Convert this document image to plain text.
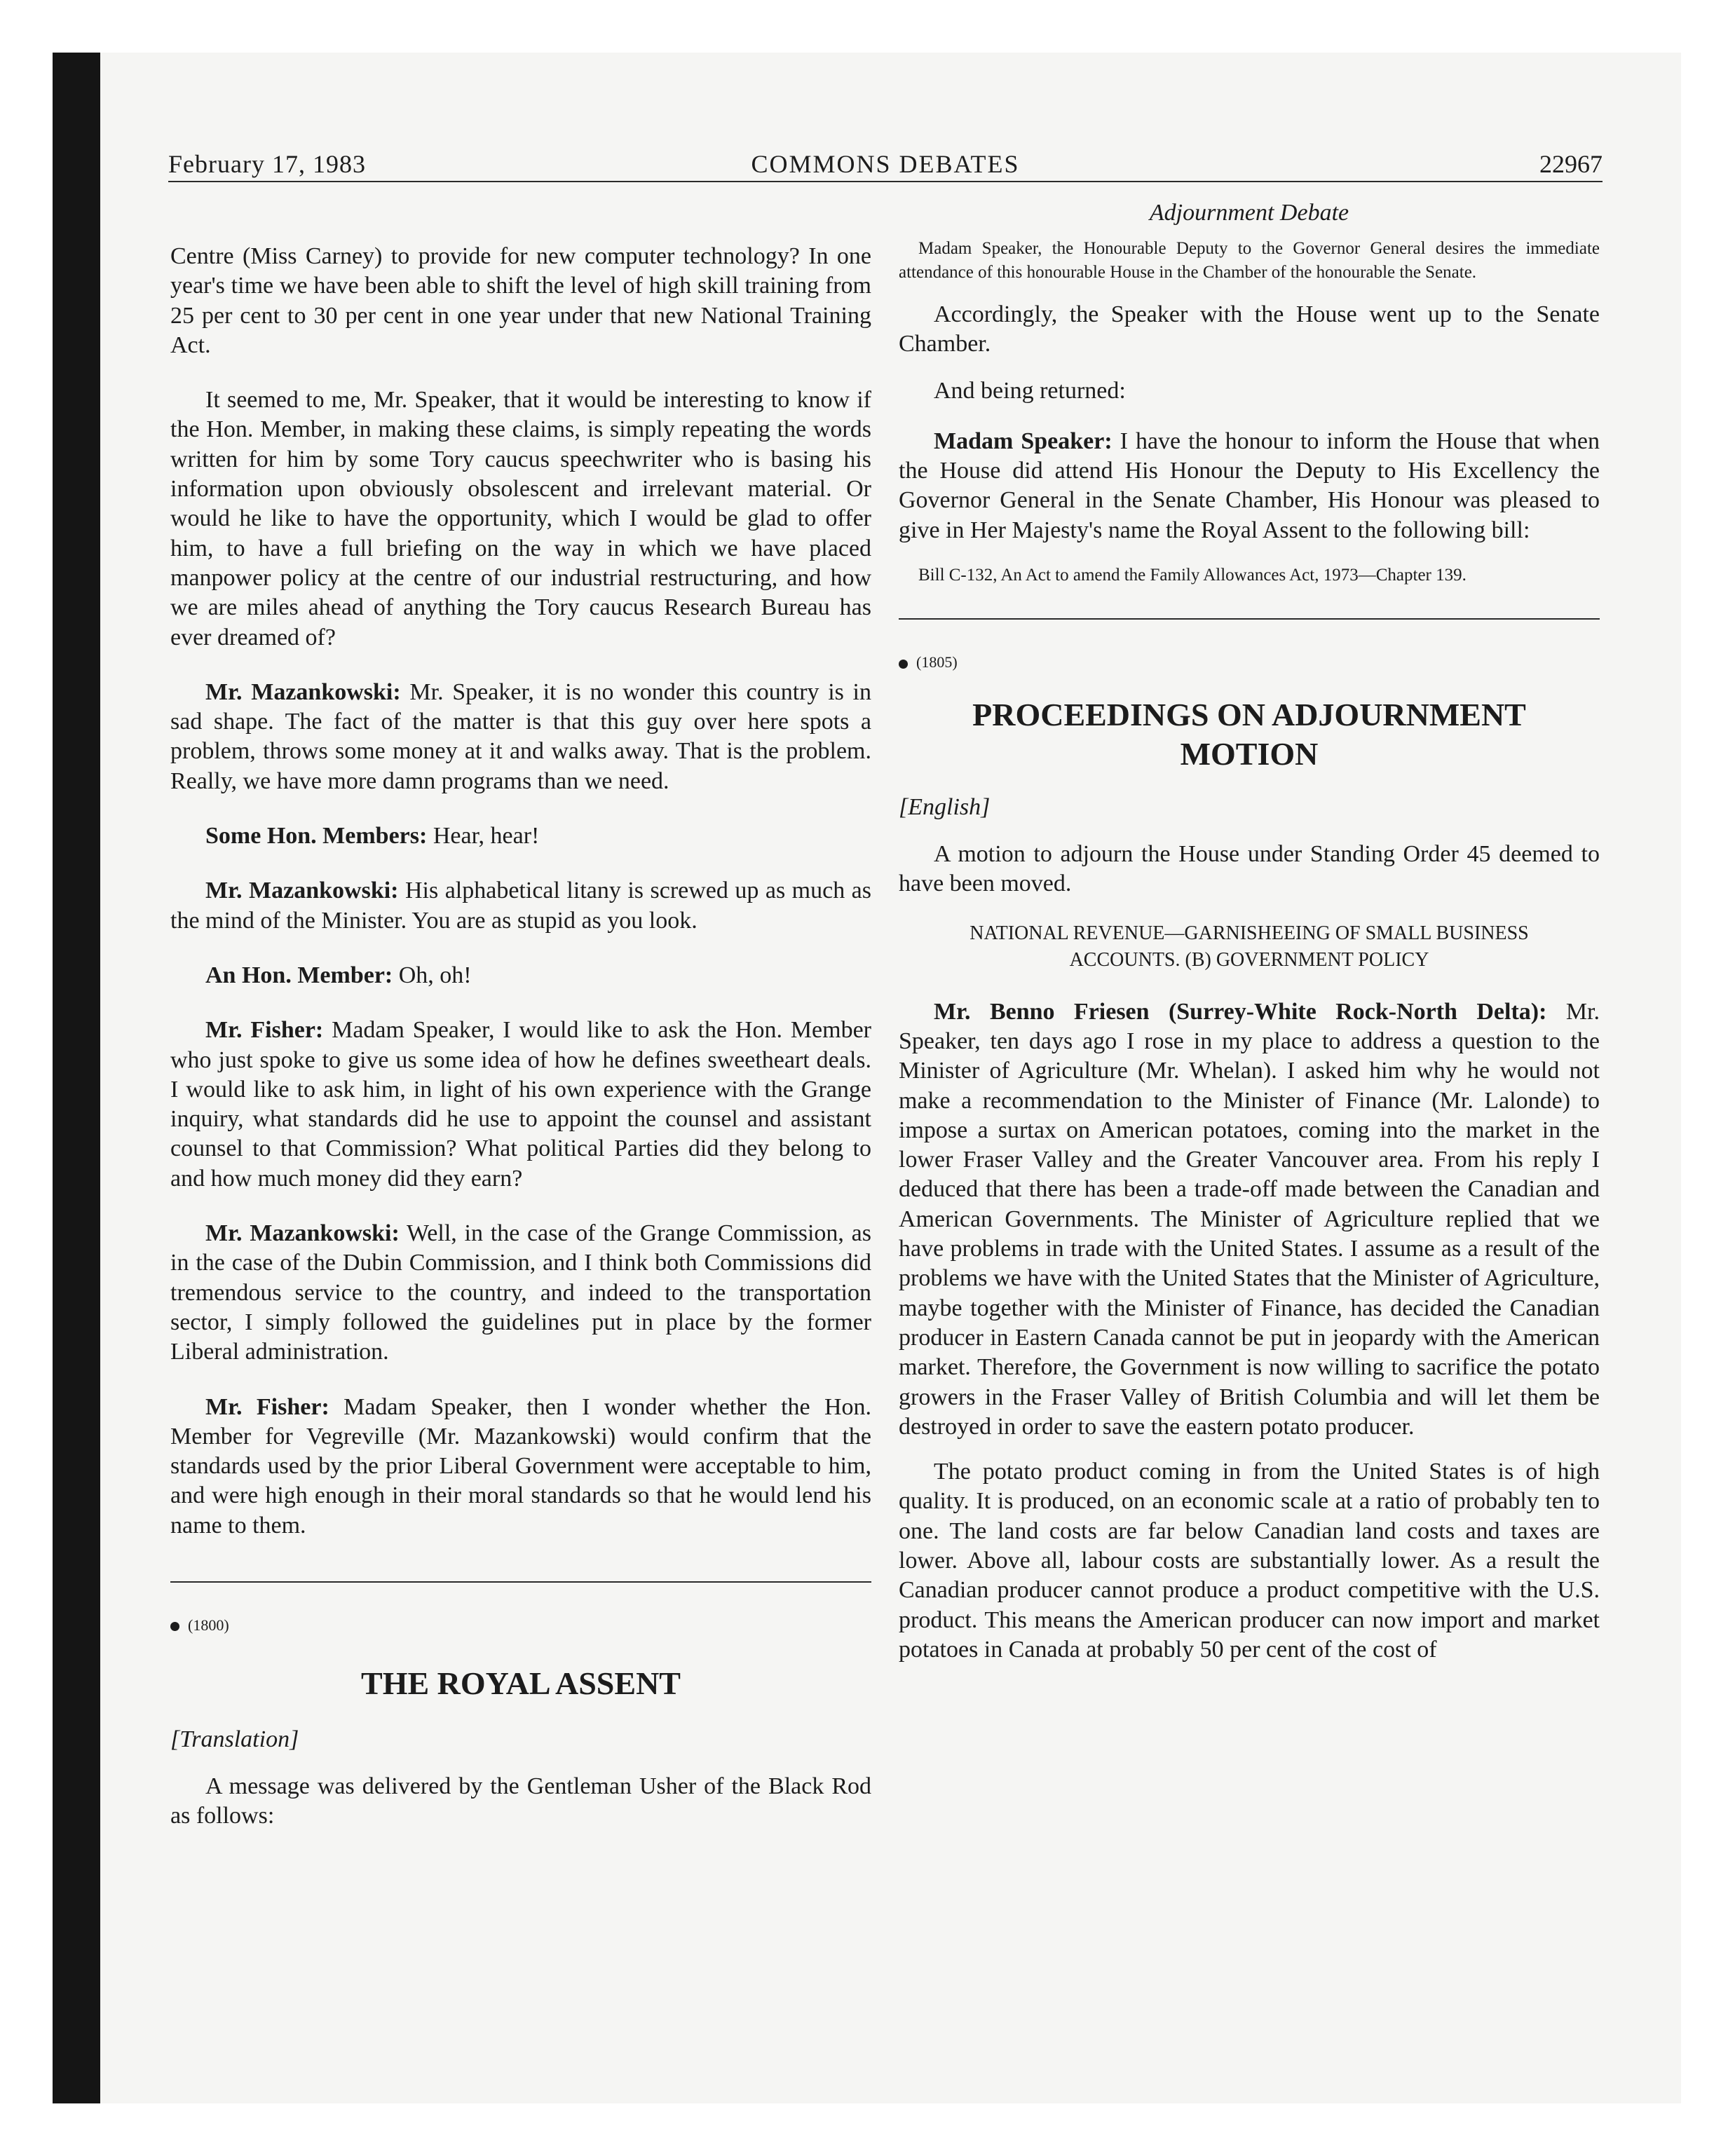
February 17, 1983	COMMONS DEBATES	22967

Centre (Miss Carney) to provide for new computer technology? In one year's time we have been able to shift the level of high skill training from 25 per cent to 30 per cent in one year under that new National Training Act.

It seemed to me, Mr. Speaker, that it would be interesting to know if the Hon. Member, in making these claims, is simply repeating the words written for him by some Tory caucus speechwriter who is basing his information upon obviously obsolescent and irrelevant material. Or would he like to have the opportunity, which I would be glad to offer him, to have a full briefing on the way in which we have placed manpower policy at the centre of our industrial restructuring, and how we are miles ahead of anything the Tory caucus Research Bureau has ever dreamed of?

Mr. Mazankowski: Mr. Speaker, it is no wonder this country is in sad shape. The fact of the matter is that this guy over here spots a problem, throws some money at it and walks away. That is the problem. Really, we have more damn programs than we need.

Some Hon. Members: Hear, hear!

Mr. Mazankowski: His alphabetical litany is screwed up as much as the mind of the Minister. You are as stupid as you look.

An Hon. Member: Oh, oh!

Mr. Fisher: Madam Speaker, I would like to ask the Hon. Member who just spoke to give us some idea of how he defines sweetheart deals. I would like to ask him, in light of his own experience with the Grange inquiry, what standards did he use to appoint the counsel and assistant counsel to that Commission? What political Parties did they belong to and how much money did they earn?

Mr. Mazankowski: Well, in the case of the Grange Commission, as in the case of the Dubin Commission, and I think both Commissions did tremendous service to the country, and indeed to the transportation sector, I simply followed the guidelines put in place by the former Liberal administration.

Mr. Fisher: Madam Speaker, then I wonder whether the Hon. Member for Vegreville (Mr. Mazankowski) would confirm that the standards used by the prior Liberal Government were acceptable to him, and were high enough in their moral standards so that he would lend his name to them.

(1800)

THE ROYAL ASSENT

[Translation]

A message was delivered by the Gentleman Usher of the Black Rod as follows:

Adjournment Debate

Madam Speaker, the Honourable Deputy to the Governor General desires the immediate attendance of this honourable House in the Chamber of the honourable the Senate.

Accordingly, the Speaker with the House went up to the Senate Chamber.

And being returned:

Madam Speaker: I have the honour to inform the House that when the House did attend His Honour the Deputy to His Excellency the Governor General in the Senate Chamber, His Honour was pleased to give in Her Majesty's name the Royal Assent to the following bill:

Bill C-132, An Act to amend the Family Allowances Act, 1973—Chapter 139.

(1805)

PROCEEDINGS ON ADJOURNMENT MOTION

[English]

A motion to adjourn the House under Standing Order 45 deemed to have been moved.

NATIONAL REVENUE—GARNISHEEING OF SMALL BUSINESS
ACCOUNTS. (B) GOVERNMENT POLICY

Mr. Benno Friesen (Surrey-White Rock-North Delta): Mr. Speaker, ten days ago I rose in my place to address a question to the Minister of Agriculture (Mr. Whelan). I asked him why he would not make a recommendation to the Minister of Finance (Mr. Lalonde) to impose a surtax on American potatoes, coming into the market in the lower Fraser Valley and the Greater Vancouver area. From his reply I deduced that there has been a trade-off made between the Canadian and American Governments. The Minister of Agriculture replied that we have problems in trade with the United States. I assume as a result of the problems we have with the United States that the Minister of Agriculture, maybe together with the Minister of Finance, has decided the Canadian producer in Eastern Canada cannot be put in jeopardy with the American market. Therefore, the Government is now willing to sacrifice the potato growers in the Fraser Valley of British Columbia and will let them be destroyed in order to save the eastern potato producer.

The potato product coming in from the United States is of high quality. It is produced, on an economic scale at a ratio of probably ten to one. The land costs are far below Canadian land costs and taxes are lower. Above all, labour costs are substantially lower. As a result the Canadian producer cannot produce a product competitive with the U.S. product. This means the American producer can now import and market potatoes in Canada at probably 50 per cent of the cost of
